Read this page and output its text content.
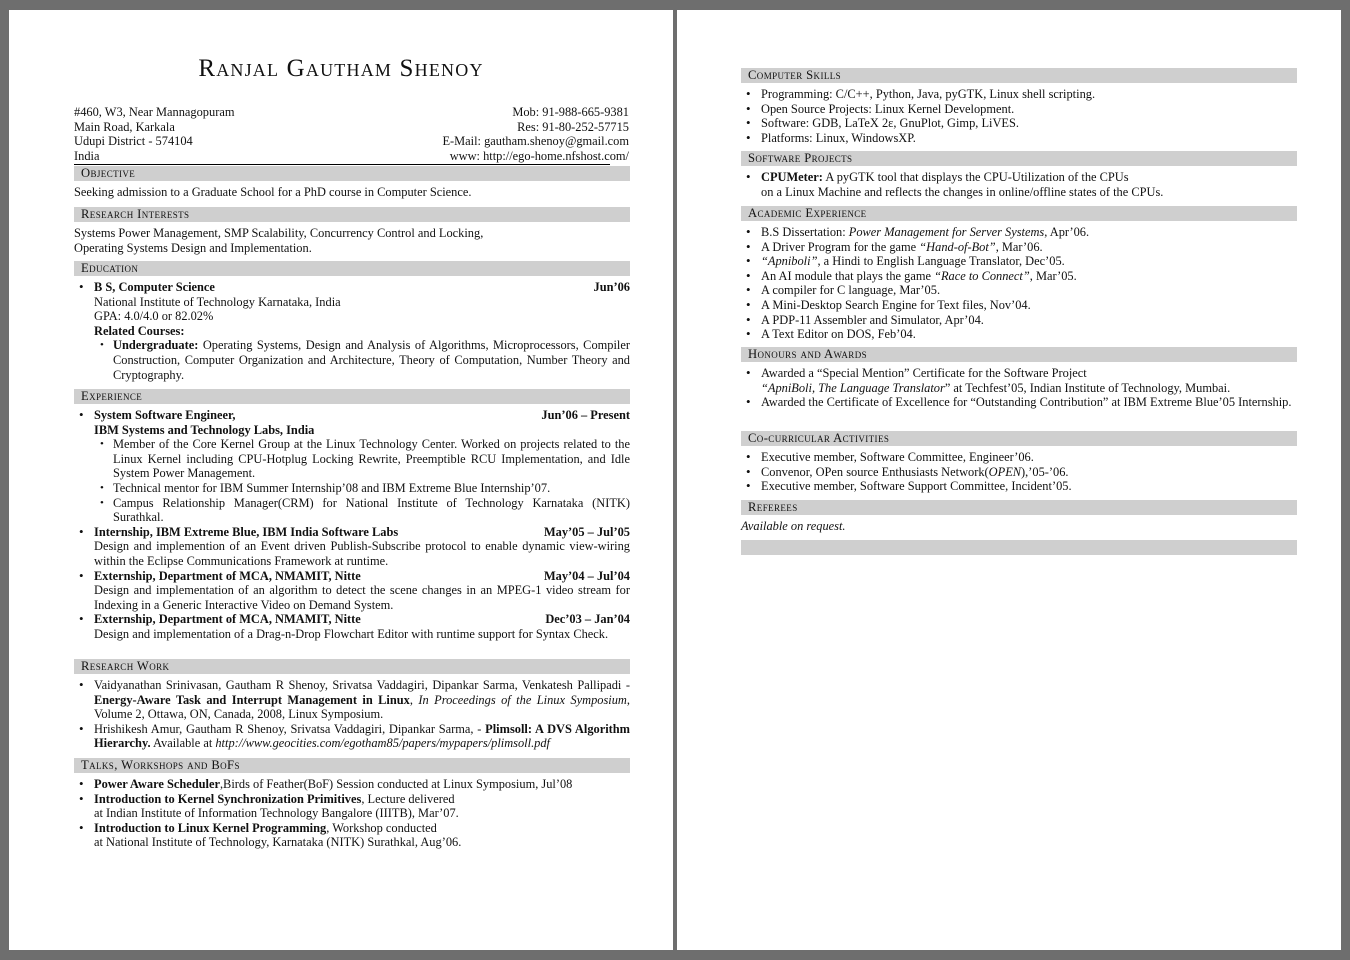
Ranjal Gautham Shenoy
#460, W3, Near Mannagopuram
Main Road, Karkala
Udupi District - 574104
India
Mob: 91-988-665-9381
Res: 91-80-252-57715
E-Mail: gautham.shenoy@gmail.com
www: http://ego-home.nfshost.com/
Objective
Seeking admission to a Graduate School for a PhD course in Computer Science.
Research Interests
Systems Power Management, SMP Scalability, Concurrency Control and Locking,
Operating Systems Design and Implementation.
Education
• B S, Computer Science	Jun’06
National Institute of Technology Karnataka, India
GPA: 4.0/4.0 or 82.02%
Related Courses:
• Undergraduate: Operating Systems, Design and Analysis of Algorithms, Microprocessors, Compiler Construction, Computer Organization and Architecture, Theory of Computation, Number Theory and Cryptography.
Experience
• System Software Engineer,	Jun’06 – Present
IBM Systems and Technology Labs, India
• Member of the Core Kernel Group at the Linux Technology Center. Worked on projects related to the Linux Kernel including CPU-Hotplug Locking Rewrite, Preemptible RCU Implementation, and Idle System Power Management.
• Technical mentor for IBM Summer Internship’08 and IBM Extreme Blue Internship’07.
• Campus Relationship Manager(CRM) for National Institute of Technology Karnataka (NITK) Surathkal.
• Internship, IBM Extreme Blue, IBM India Software Labs	May’05 – Jul’05
Design and implemention of an Event driven Publish-Subscribe protocol to enable dynamic view-wiring within the Eclipse Communications Framework at runtime.
• Externship, Department of MCA, NMAMIT, Nitte	May’04 – Jul’04
Design and implementation of an algorithm to detect the scene changes in an MPEG-1 video stream for Indexing in a Generic Interactive Video on Demand System.
• Externship, Department of MCA, NMAMIT, Nitte	Dec’03 – Jan’04
Design and implementation of a Drag-n-Drop Flowchart Editor with runtime support for Syntax Check.
Research Work
• Vaidyanathan Srinivasan, Gautham R Shenoy, Srivatsa Vaddagiri, Dipankar Sarma, Venkatesh Pallipadi - Energy-Aware Task and Interrupt Management in Linux, In Proceedings of the Linux Symposium, Volume 2, Ottawa, ON, Canada, 2008, Linux Symposium.
• Hrishikesh Amur, Gautham R Shenoy, Srivatsa Vaddagiri, Dipankar Sarma, - Plimsoll: A DVS Algorithm Hierarchy. Available at http://www.geocities.com/egotham85/papers/mypapers/plimsoll.pdf
Talks, Workshops and BoFs
• Power Aware Scheduler,Birds of Feather(BoF) Session conducted at Linux Symposium, Jul’08
• Introduction to Kernel Synchronization Primitives, Lecture delivered
at Indian Institute of Information Technology Bangalore (IIITB), Mar’07.
• Introduction to Linux Kernel Programming, Workshop conducted
at National Institute of Technology, Karnataka (NITK) Surathkal, Aug’06.
Computer Skills
• Programming: C/C++, Python, Java, pyGTK, Linux shell scripting.
• Open Source Projects: Linux Kernel Development.
• Software: GDB, LaTeX 2ε, GnuPlot, Gimp, LiVES.
• Platforms: Linux, WindowsXP.
Software Projects
• CPUMeter: A pyGTK tool that displays the CPU-Utilization of the CPUs
on a Linux Machine and reflects the changes in online/offline states of the CPUs.
Academic Experience
• B.S Dissertation: Power Management for Server Systems, Apr’06.
• A Driver Program for the game “Hand-of-Bot”, Mar’06.
• “Apniboli”, a Hindi to English Language Translator, Dec’05.
• An AI module that plays the game “Race to Connect”, Mar’05.
• A compiler for C language, Mar’05.
• A Mini-Desktop Search Engine for Text files, Nov’04.
• A PDP-11 Assembler and Simulator, Apr’04.
• A Text Editor on DOS, Feb’04.
Honours and Awards
• Awarded a “Special Mention” Certificate for the Software Project
“ApniBoli, The Language Translator” at Techfest’05, Indian Institute of Technology, Mumbai.
• Awarded the Certificate of Excellence for “Outstanding Contribution” at IBM Extreme Blue’05 Internship.
Co-curricular Activities
• Executive member, Software Committee, Engineer’06.
• Convenor, OPen source Enthusiasts Network(OPEN),’05-’06.
• Executive member, Software Support Committee, Incident’05.
Referees
Available on request.
